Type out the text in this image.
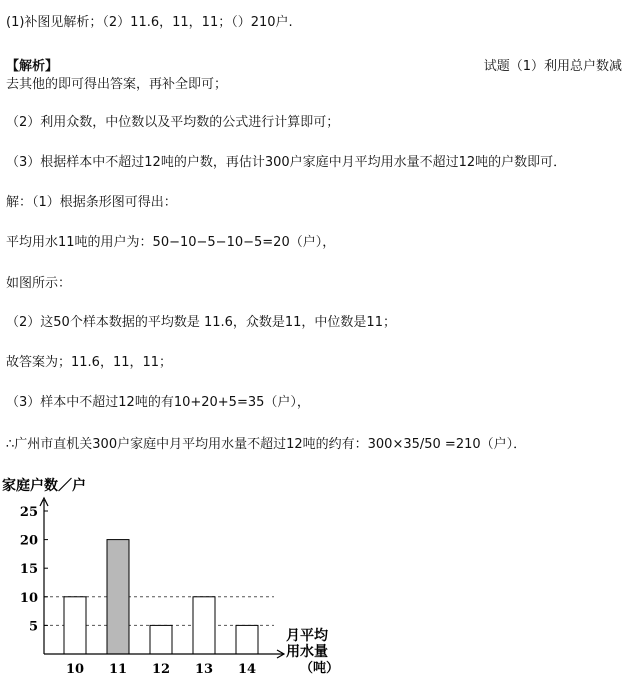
(1)补图见解析；（2）11.6，11，11；（）210户.
【解析】	试题（1）利用总户数减
去其他的即可得出答案，再补全即可；
（2）利用众数，中位数以及平均数的公式进行计算即可；
（3）根据样本中不超过12吨的户数，再估计300户家庭中月平均用水量不超过12吨的户数即可．
解：（1）根据条形图可得出：
平均用水11吨的用户为：50−10−5−10−5=20（户），
如图所示：
（2）这50个样本数据的平均数是 11.6，众数是11，中位数是11；
故答案为；11.6，11，11；
（3）样本中不超过12吨的有10+20+5=35（户），
∴广州市直机关300户家庭中月平均用水量不超过12吨的约有：300×35/50 =210（户）．
家庭户数／户
5
10
15
20
25
10 11 12 13 14
月平均
用水量
（吨）
